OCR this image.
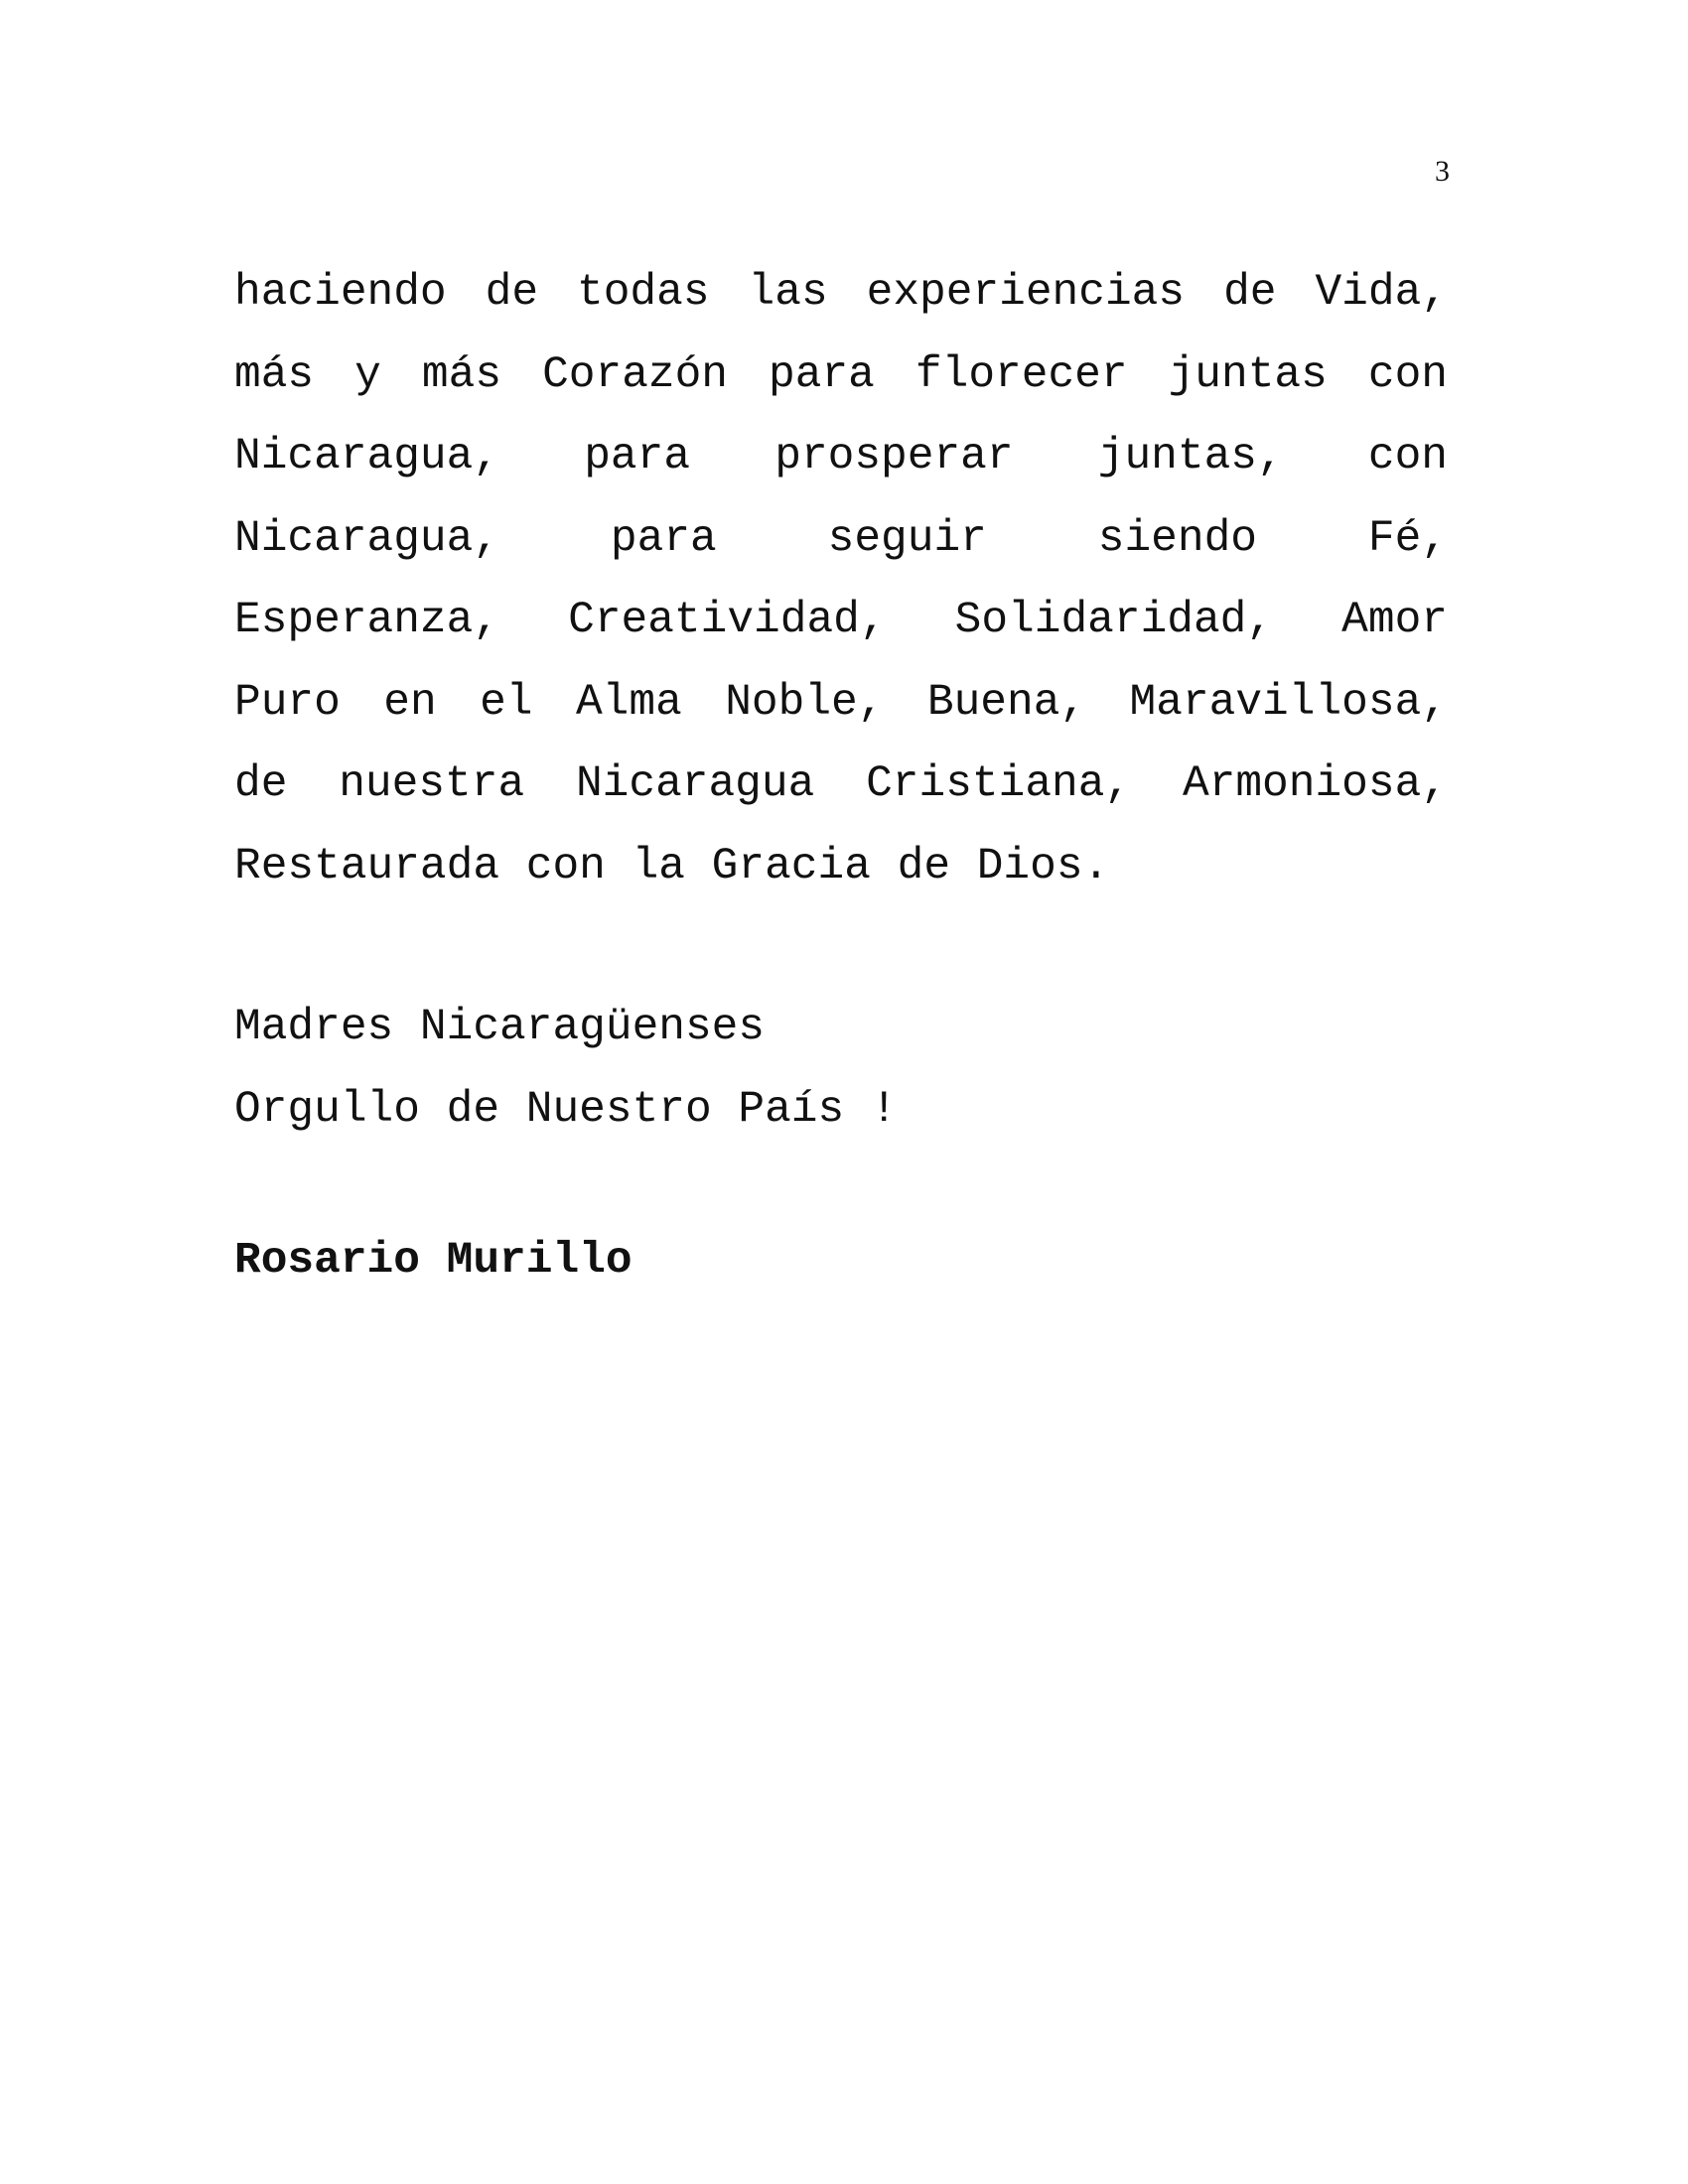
3
haciendo de todas las experiencias de Vida,
más y más Corazón para florecer juntas con
Nicaragua, para prosperar juntas, con
Nicaragua, para seguir siendo Fé,
Esperanza, Creatividad, Solidaridad, Amor
Puro en el Alma Noble, Buena, Maravillosa,
de nuestra Nicaragua Cristiana, Armoniosa,
Restaurada con la Gracia de Dios.
Madres Nicaragüenses
Orgullo de Nuestro País !
Rosario Murillo
